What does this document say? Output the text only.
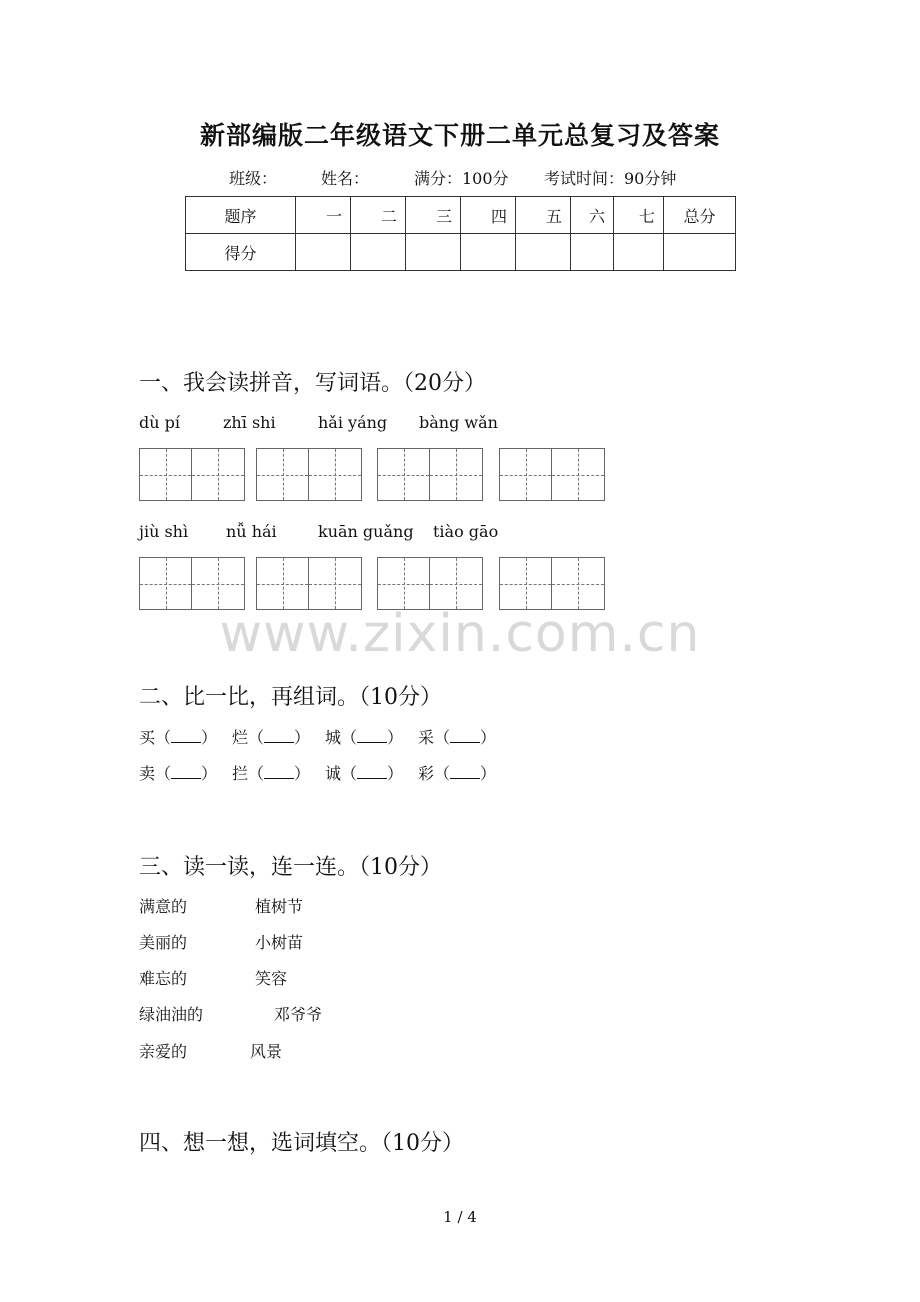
新部编版二年级语文下册二单元总复习及答案
班级：	姓名：	满分：100分 考试时间：90分钟
题序	一	二	三	四	五	六	七	总分
得分								
一、我会读拼音，写词语。（20分）
dù pí	zhī shi	hǎi yáng bàng wǎn
jiù shì nǚ hái	kuān guǎng tiào gāo
www.zixin.com.cn
二、比一比，再组词。（10分）
买（ ） 烂（ ） 城（ ） 采（ ）
卖（ ） 拦（ ） 诚（ ） 彩（ ）
三、读一读，连一连。（10分）
满意的	植树节
美丽的	小树苗
难忘的	笑容
绿油油的	邓爷爷
亲爱的	风景
四、想一想，选词填空。（10分）
1 / 4
